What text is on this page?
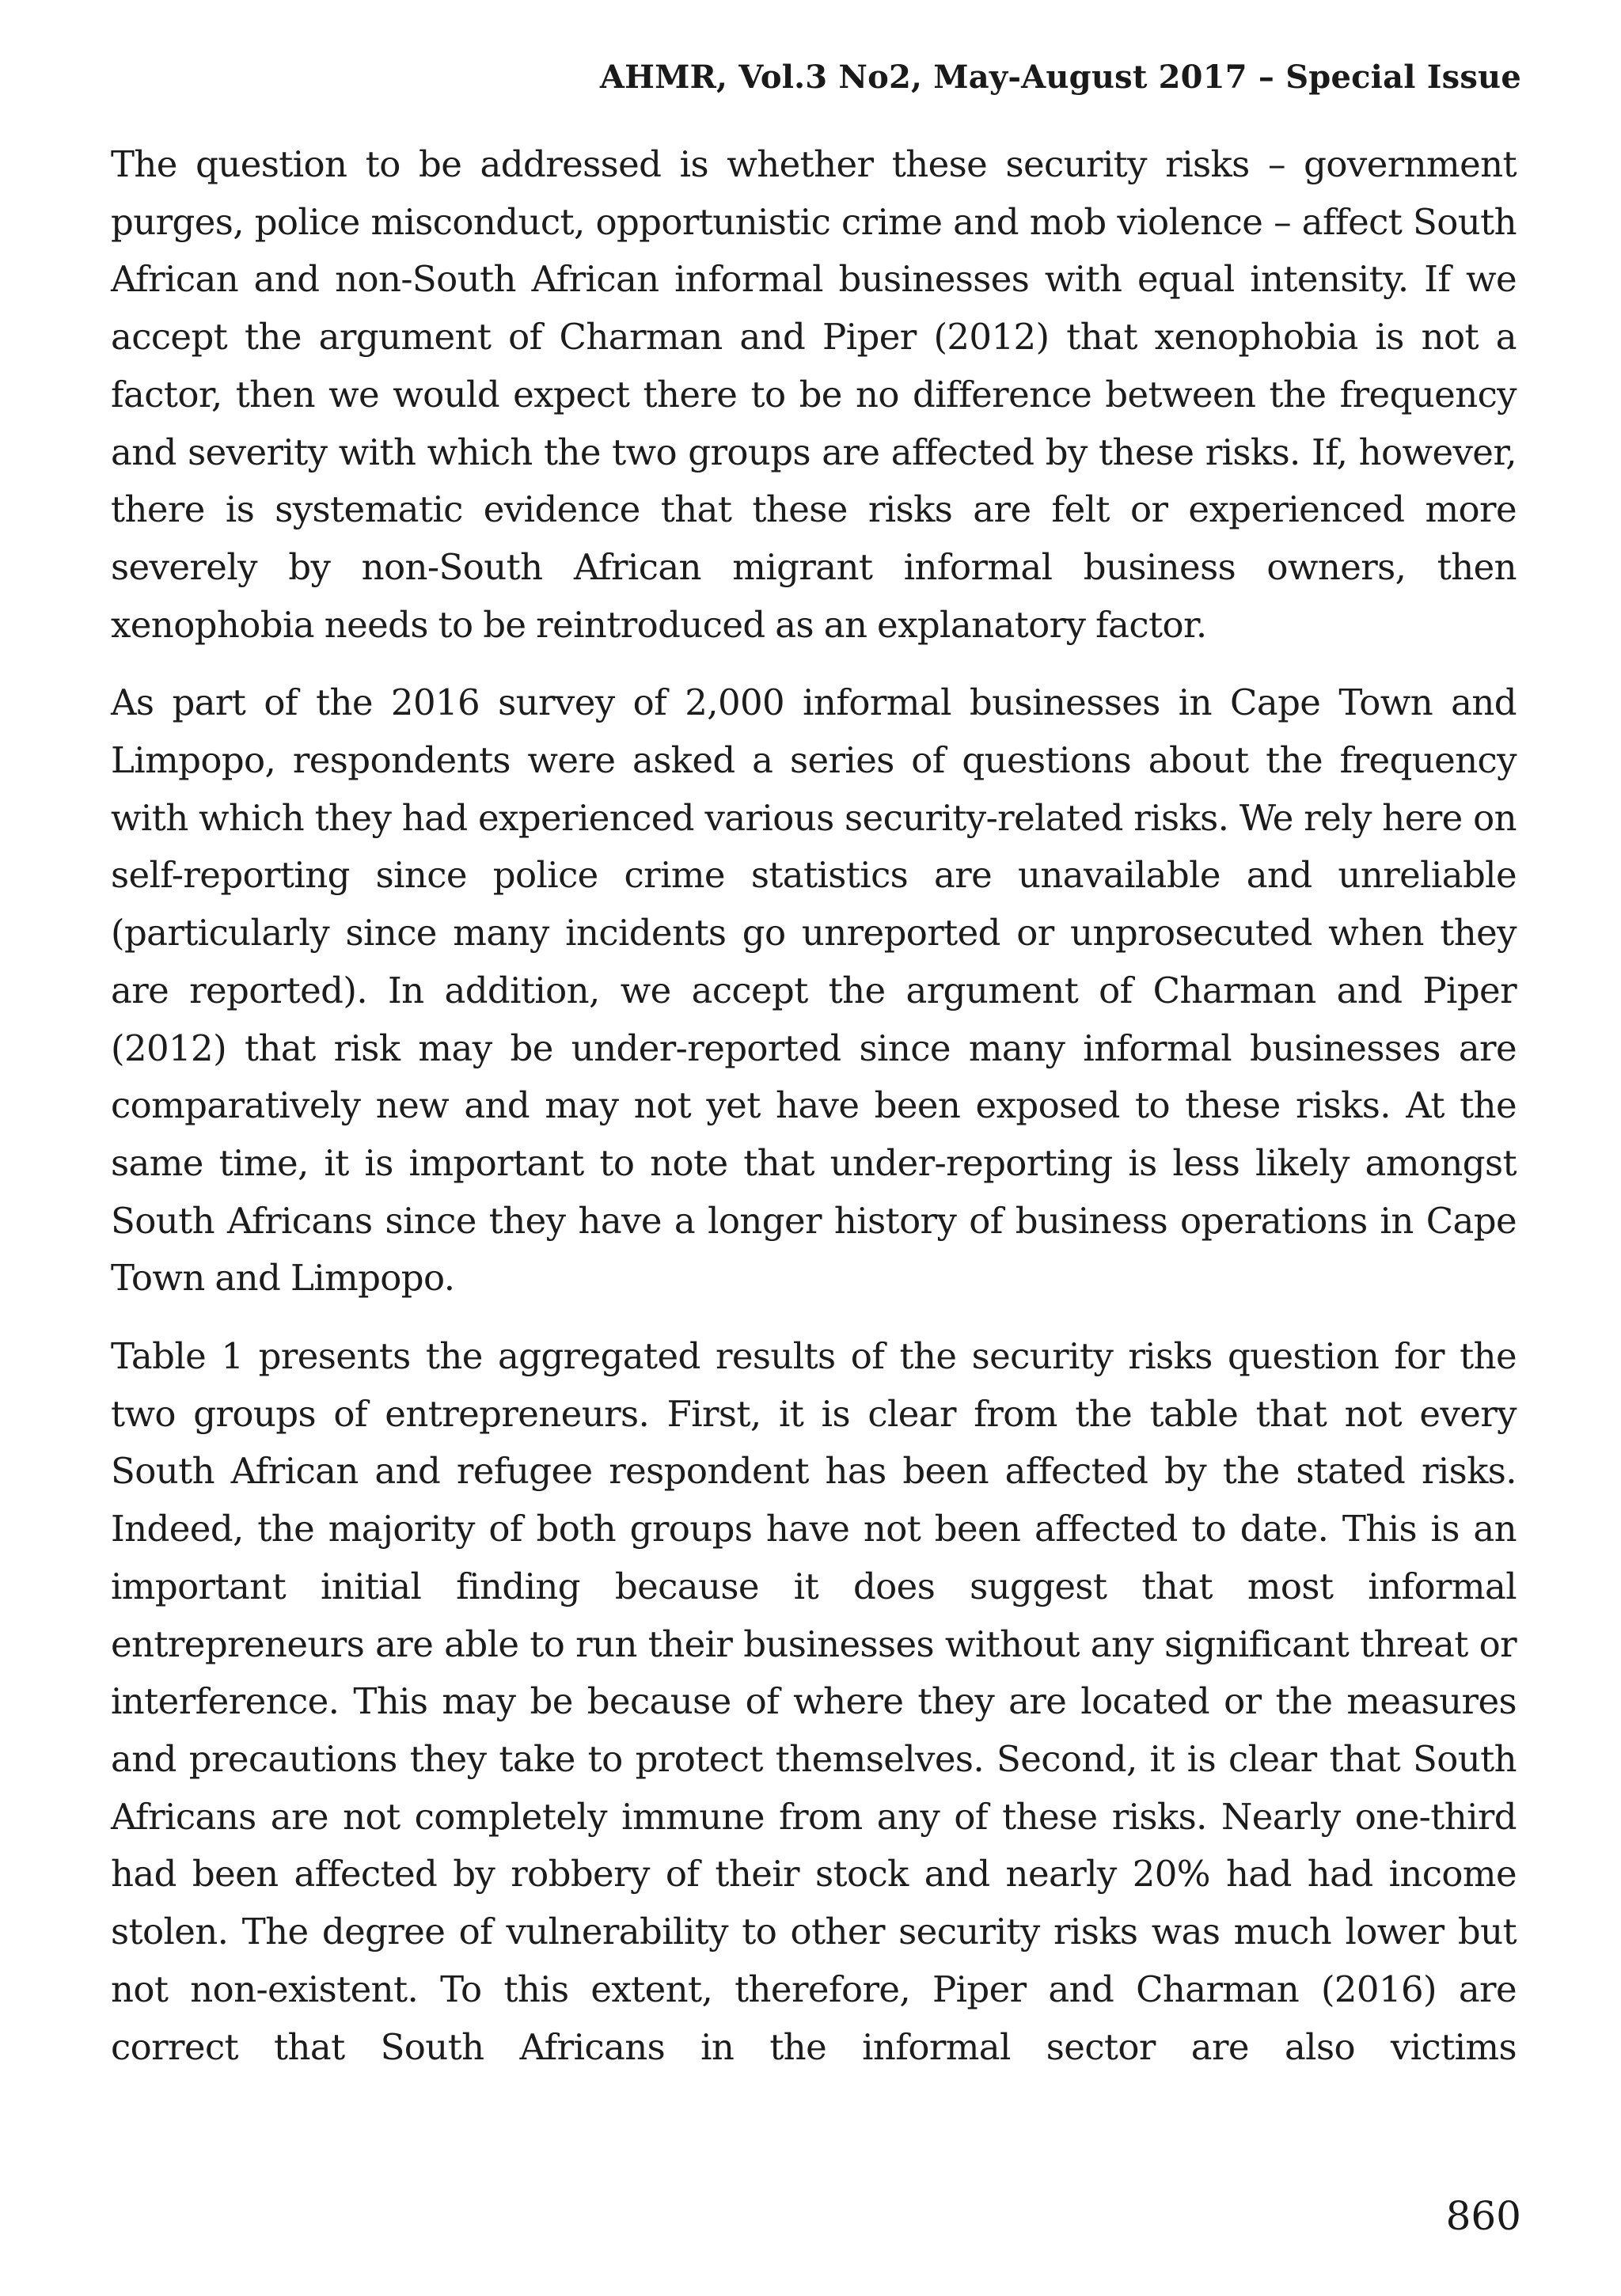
AHMR, Vol.3 No2, May-August 2017 – Special Issue

The question to be addressed is whether these security risks – government purges, police misconduct, opportunistic crime and mob violence – affect South African and non-South African informal businesses with equal intensity. If we accept the argument of Charman and Piper (2012) that xenophobia is not a factor, then we would expect there to be no difference between the frequency and severity with which the two groups are affected by these risks. If, however, there is systematic evidence that these risks are felt or experienced more severely by non-South African migrant informal business owners, then xenophobia needs to be reintroduced as an explanatory factor.

As part of the 2016 survey of 2,000 informal businesses in Cape Town and Limpopo, respondents were asked a series of questions about the frequency with which they had experienced various security-related risks. We rely here on self-reporting since police crime statistics are unavailable and unreliable (particularly since many incidents go unreported or unprosecuted when they are reported). In addition, we accept the argument of Charman and Piper (2012) that risk may be under-reported since many informal businesses are comparatively new and may not yet have been exposed to these risks. At the same time, it is important to note that under-reporting is less likely amongst South Africans since they have a longer history of business operations in Cape Town and Limpopo.

Table 1 presents the aggregated results of the security risks question for the two groups of entrepreneurs. First, it is clear from the table that not every South African and refugee respondent has been affected by the stated risks. Indeed, the majority of both groups have not been affected to date. This is an important initial finding because it does suggest that most informal entrepreneurs are able to run their businesses without any significant threat or interference. This may be because of where they are located or the measures and precautions they take to protect themselves. Second, it is clear that South Africans are not completely immune from any of these risks. Nearly one-third had been affected by robbery of their stock and nearly 20% had had income stolen. The degree of vulnerability to other security risks was much lower but not non-existent. To this extent, therefore, Piper and Charman (2016) are correct that South Africans in the informal sector are also victims

860
